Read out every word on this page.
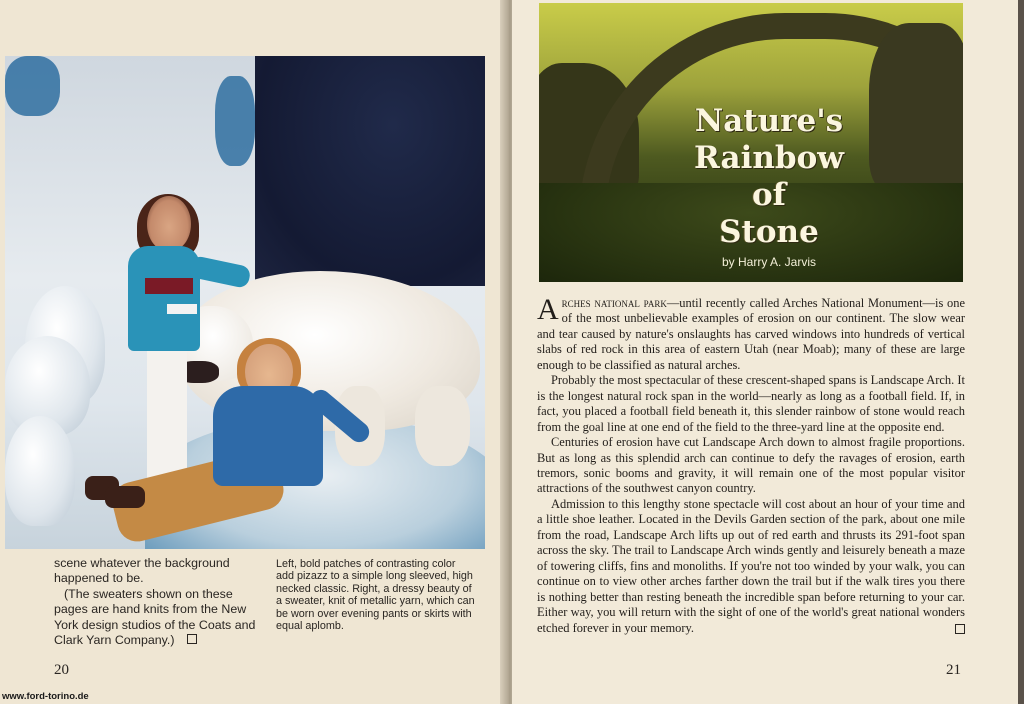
scene whatever the background

happened to be.

(The sweaters shown on these pages are hand knits from the New York design studios of the Coats and Clark Yarn Company.)

Left, bold patches of contrasting color add pizazz to a simple long sleeved, high necked classic. Right, a dressy beauty of a sweater, knit of metallic yarn, which can be worn over evening pants or skirts with equal aplomb.
20
www.ford-torino.de
Nature's
Rainbow
of
Stone
by Harry A. Jarvis

Arches national park—until recently called Arches National Monument—is one of the most unbelievable examples of erosion on our continent. The slow wear and tear caused by nature's onslaughts has carved windows into hundreds of vertical slabs of red rock in this area of eastern Utah (near Moab); many of these are large enough to be classified as natural arches.

Probably the most spectacular of these crescent-shaped spans is Landscape Arch. It is the longest natural rock span in the world—nearly as long as a football field. If, in fact, you placed a football field beneath it, this slender rainbow of stone would reach from the goal line at one end of the field to the three-yard line at the opposite end.

Centuries of erosion have cut Landscape Arch down to almost fragile proportions. But as long as this splendid arch can continue to defy the ravages of erosion, earth tremors, sonic booms and gravity, it will remain one of the most popular visitor attractions of the southwest canyon country.

Admission to this lengthy stone spectacle will cost about an hour of your time and a little shoe leather. Located in the Devils Garden section of the park, about one mile from the road, Landscape Arch lifts up out of red earth and thrusts its 291-foot span across the sky. The trail to Landscape Arch winds gently and leisurely beneath a maze of towering cliffs, fins and monoliths. If you're not too winded by your walk, you can continue on to view other arches farther down the trail but if the walk tires you there is nothing better than resting beneath the incredible span before returning to your car. Either way, you will return with the sight of one of the world's great national wonders etched forever in your memory.

21
